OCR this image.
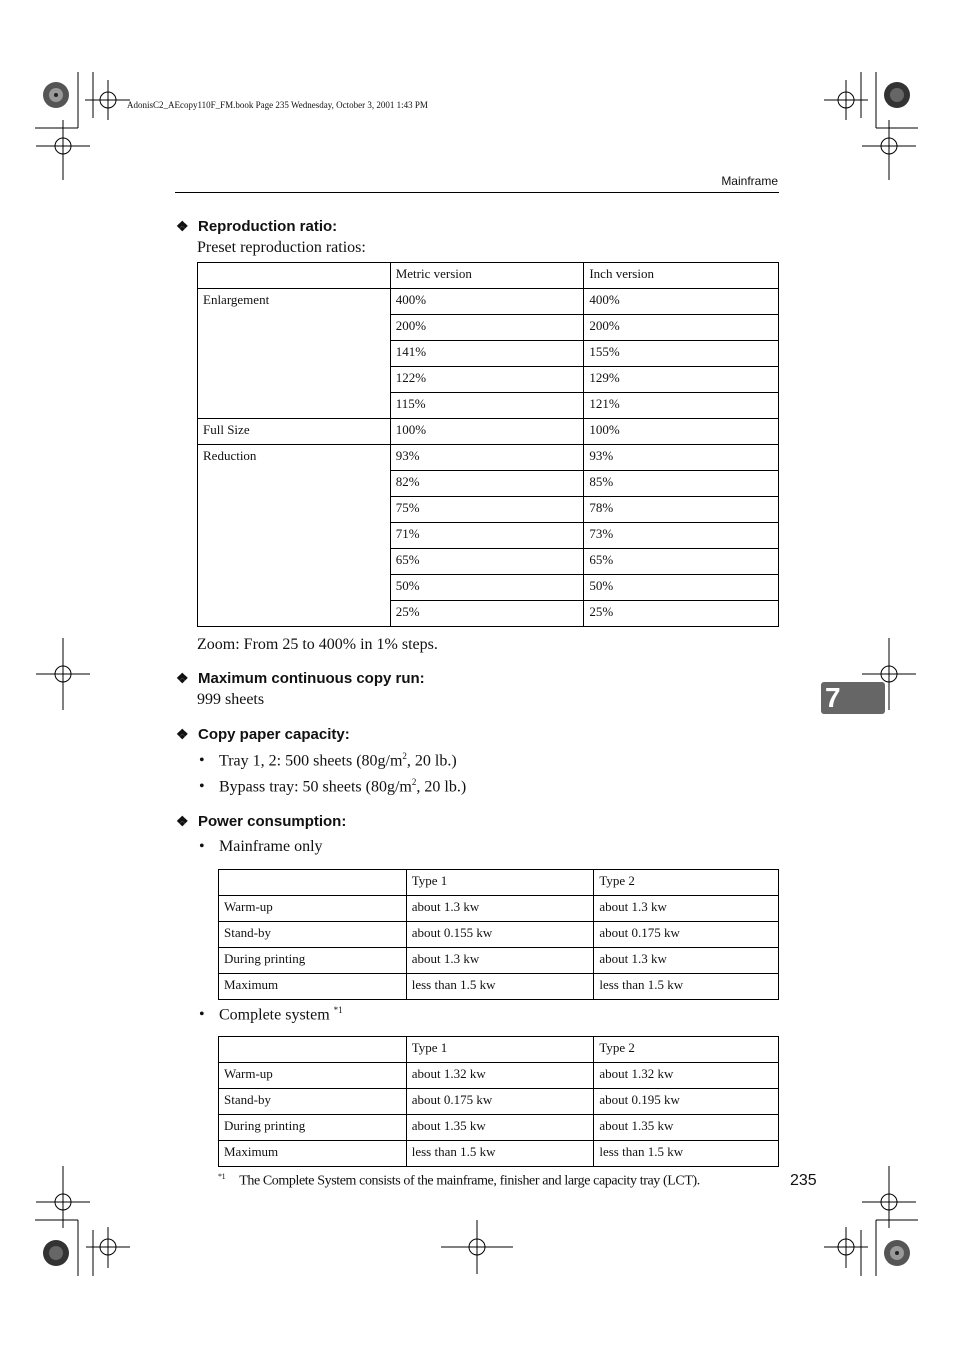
AdonisC2_AEcopy110F_FM.book Page 235 Wednesday, October 3, 2001 1:43 PM
Mainframe
❖ Reproduction ratio:
Preset reproduction ratios:
	Metric version	Inch version
Enlargement	400%	400%
	200%	200%
	141%	155%
	122%	129%
	115%	121%
Full Size	100%	100%
Reduction	93%	93%
	82%	85%
	75%	78%
	71%	73%
	65%	65%
	50%	50%
	25%	25%
Zoom: From 25 to 400% in 1% steps.
❖ Maximum continuous copy run:
999 sheets
❖ Copy paper capacity:
• Tray 1, 2: 500 sheets ($80g/m^2$, 20 lb.)
• Bypass tray: 50 sheets ($80g/m^2$, 20 lb.)
❖ Power consumption:
• Mainframe only
	Type 1	Type 2
Warm-up	about 1.3 kw	about 1.3 kw
Stand-by	about 0.155 kw	about 0.175 kw
During printing	about 1.3 kw	about 1.3 kw
Maximum	less than 1.5 kw	less than 1.5 kw
• Complete system $^{*1}$
	Type 1	Type 2
Warm-up	about 1.32 kw	about 1.32 kw
Stand-by	about 0.175 kw	about 0.195 kw
During printing	about 1.35 kw	about 1.35 kw
Maximum	less than 1.5 kw	less than 1.5 kw
$^{*1}$ The Complete System consists of the mainframe, finisher and large capacity tray (LCT).	235
7
